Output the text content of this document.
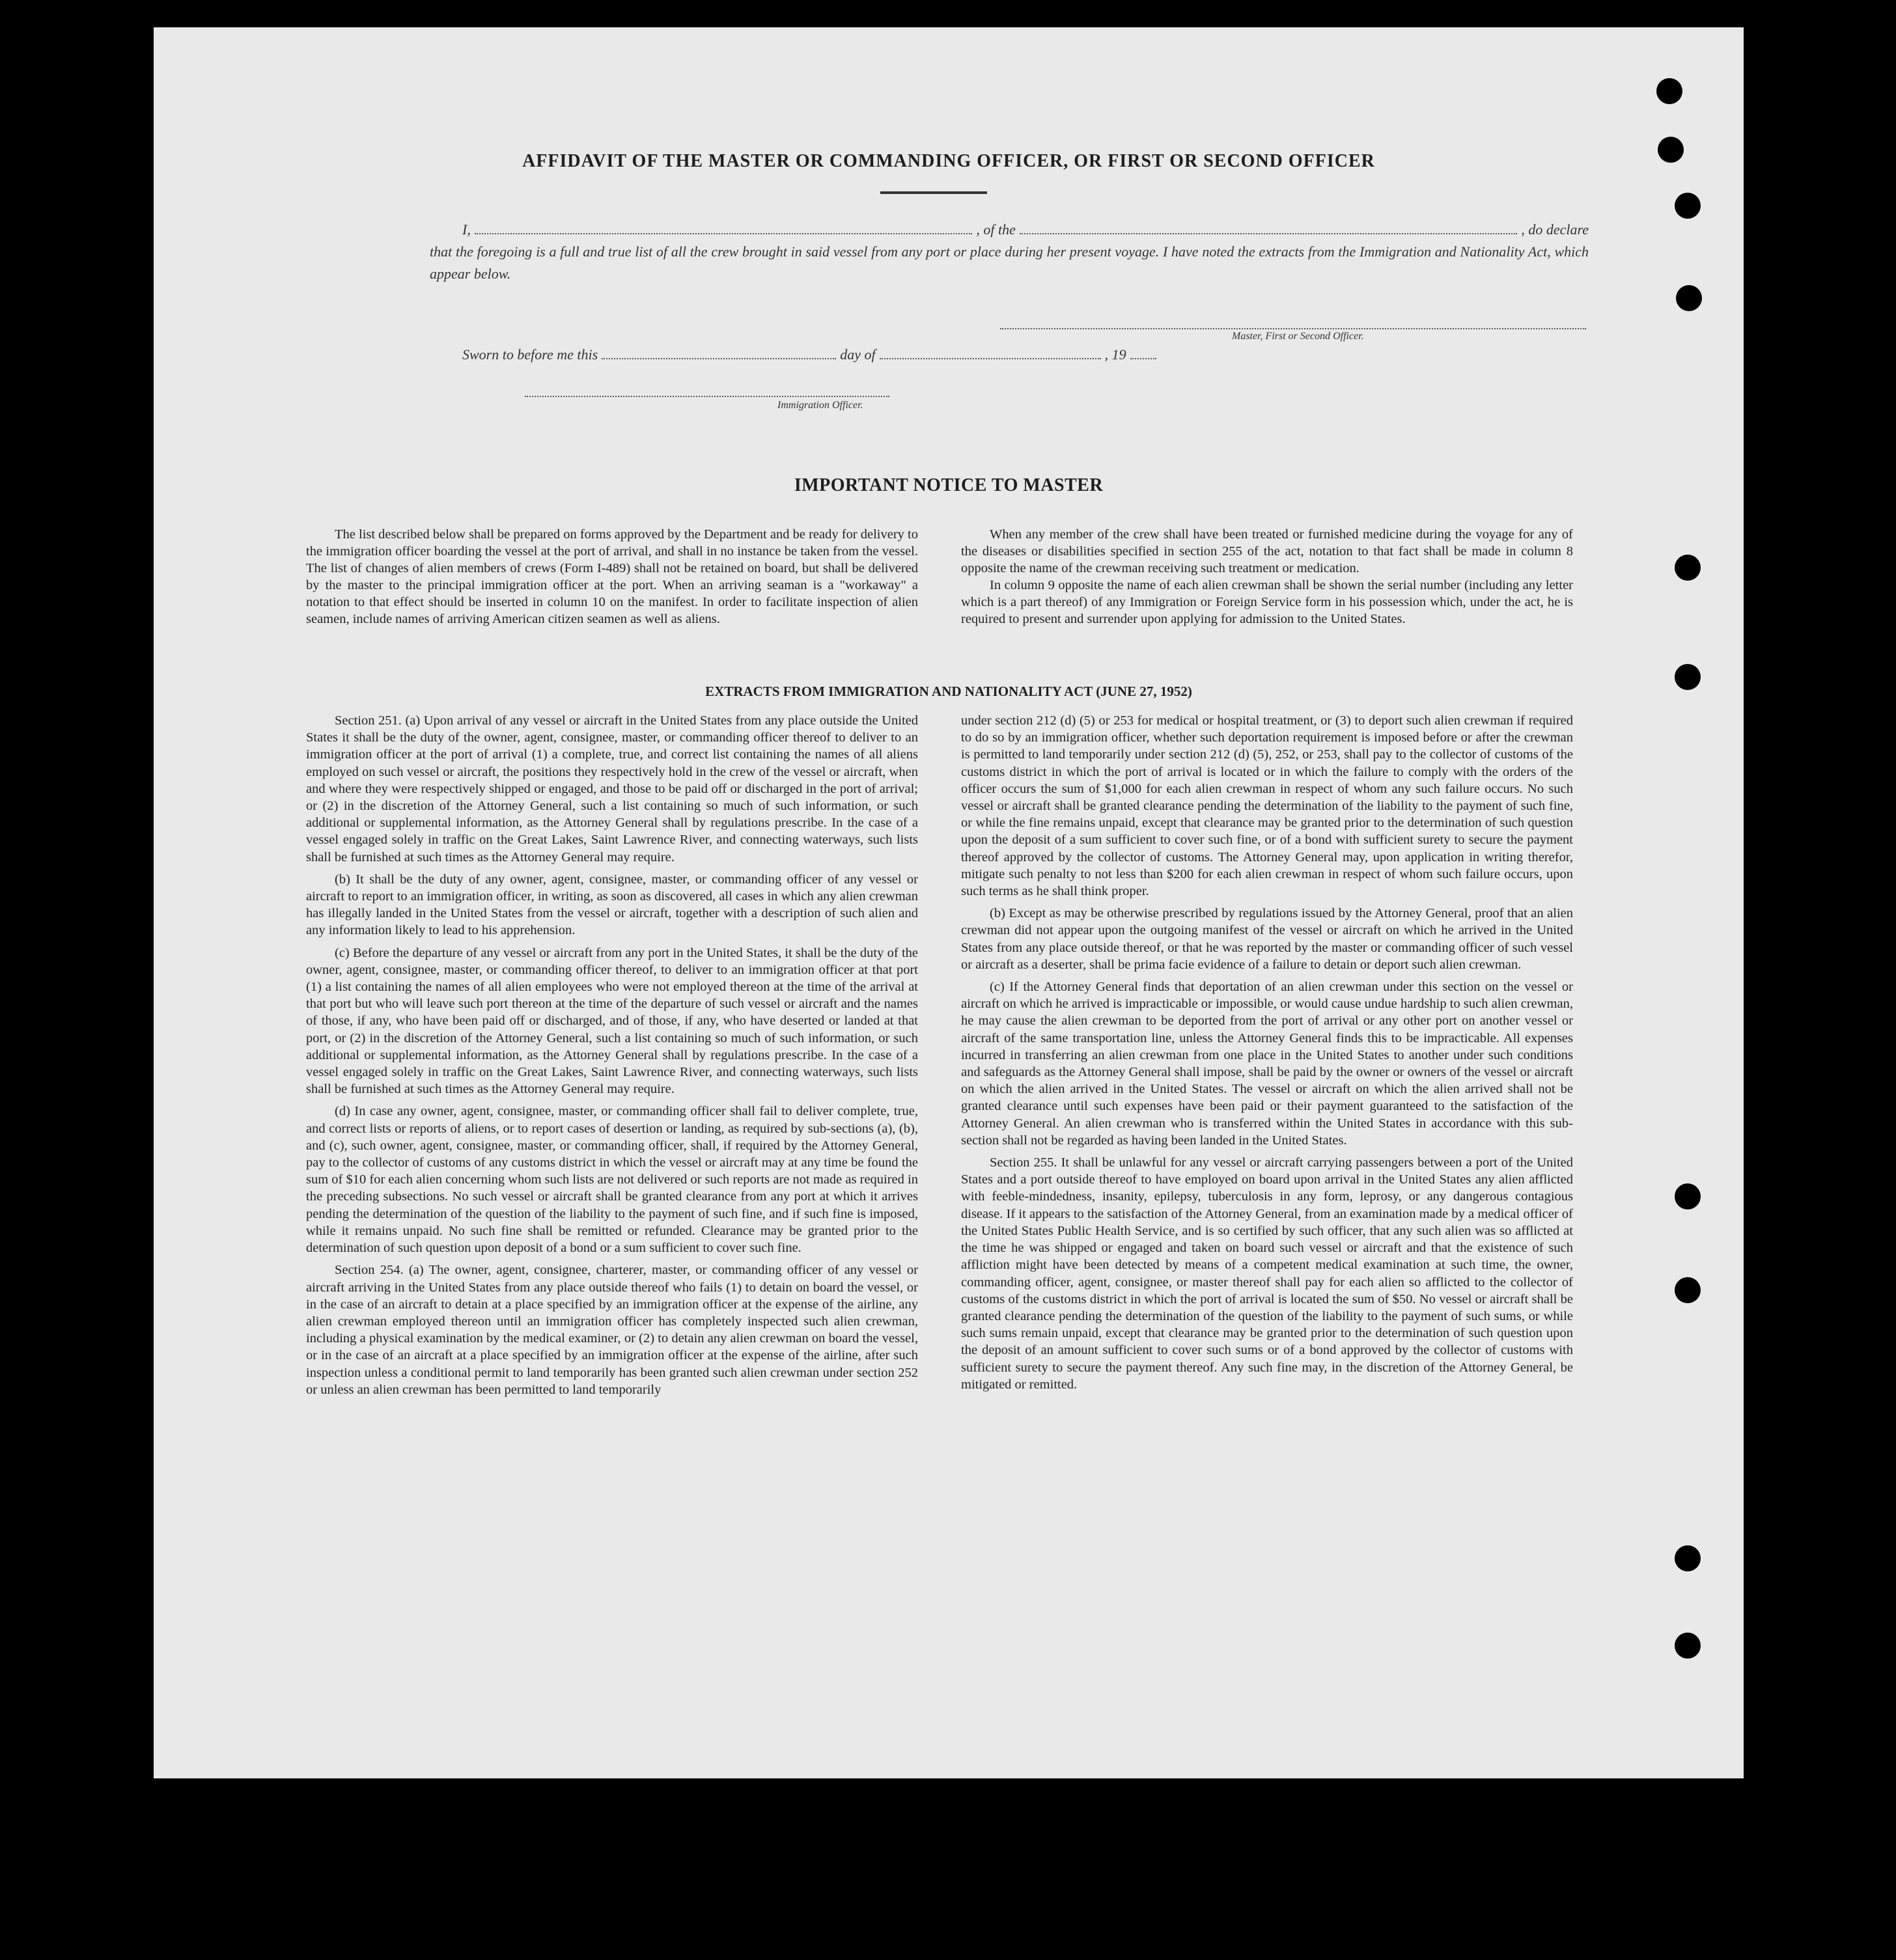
AFFIDAVIT OF THE MASTER OR COMMANDING OFFICER, OR FIRST OR SECOND OFFICER
I,	, of the	, do declare
that the foregoing is a full and true list of all the crew brought in said vessel from any port or place during her present voyage. I have noted the extracts from the Immigration and Nationality Act, which appear below.
Master, First or Second Officer.
Sworn to before me this	day of	, 19
Immigration Officer.
IMPORTANT NOTICE TO MASTER

The list described below shall be prepared on forms approved by the Department and be ready for delivery to the immigration officer boarding the vessel at the port of arrival, and shall in no instance be taken from the vessel. The list of changes of alien members of crews (Form I-489) shall not be retained on board, but shall be delivered by the master to the principal immigration officer at the port. When an arriving seaman is a "workaway" a notation to that effect should be inserted in column 10 on the manifest. In order to facilitate inspection of alien seamen, include names of arriving American citizen seamen as well as aliens.

When any member of the crew shall have been treated or furnished medicine during the voyage for any of the diseases or disabilities specified in section 255 of the act, notation to that fact shall be made in column 8 opposite the name of the crewman receiving such treatment or medication.

In column 9 opposite the name of each alien crewman shall be shown the serial number (including any letter which is a part thereof) of any Immigration or Foreign Service form in his possession which, under the act, he is required to present and surrender upon applying for admission to the United States.

EXTRACTS FROM IMMIGRATION AND NATIONALITY ACT (JUNE 27, 1952)

Section 251. (a) Upon arrival of any vessel or aircraft in the United States from any place outside the United States it shall be the duty of the owner, agent, consignee, master, or commanding officer thereof to deliver to an immigration officer at the port of arrival (1) a complete, true, and correct list containing the names of all aliens employed on such vessel or aircraft, the positions they respectively hold in the crew of the vessel or aircraft, when and where they were respectively shipped or engaged, and those to be paid off or discharged in the port of arrival; or (2) in the discretion of the Attorney General, such a list containing so much of such information, or such additional or supplemental information, as the Attorney General shall by regulations prescribe. In the case of a vessel engaged solely in traffic on the Great Lakes, Saint Lawrence River, and connecting waterways, such lists shall be furnished at such times as the Attorney General may require.

(b) It shall be the duty of any owner, agent, consignee, master, or commanding officer of any vessel or aircraft to report to an immigration officer, in writing, as soon as discovered, all cases in which any alien crewman has illegally landed in the United States from the vessel or aircraft, together with a description of such alien and any information likely to lead to his apprehension.

(c) Before the departure of any vessel or aircraft from any port in the United States, it shall be the duty of the owner, agent, consignee, master, or commanding officer thereof, to deliver to an immigration officer at that port (1) a list containing the names of all alien employees who were not employed thereon at the time of the arrival at that port but who will leave such port thereon at the time of the departure of such vessel or aircraft and the names of those, if any, who have been paid off or discharged, and of those, if any, who have deserted or landed at that port, or (2) in the discretion of the Attorney General, such a list containing so much of such information, or such additional or supplemental information, as the Attorney General shall by regulations prescribe. In the case of a vessel engaged solely in traffic on the Great Lakes, Saint Lawrence River, and connecting waterways, such lists shall be furnished at such times as the Attorney General may require.

(d) In case any owner, agent, consignee, master, or commanding officer shall fail to deliver complete, true, and correct lists or reports of aliens, or to report cases of desertion or landing, as required by sub-sections (a), (b), and (c), such owner, agent, consignee, master, or commanding officer, shall, if required by the Attorney General, pay to the collector of customs of any customs district in which the vessel or aircraft may at any time be found the sum of $10 for each alien concerning whom such lists are not delivered or such reports are not made as required in the preceding subsections. No such vessel or aircraft shall be granted clearance from any port at which it arrives pending the determination of the question of the liability to the payment of such fine, and if such fine is imposed, while it remains unpaid. No such fine shall be remitted or refunded. Clearance may be granted prior to the determination of such question upon deposit of a bond or a sum sufficient to cover such fine.

Section 254. (a) The owner, agent, consignee, charterer, master, or commanding officer of any vessel or aircraft arriving in the United States from any place outside thereof who fails (1) to detain on board the vessel, or in the case of an aircraft to detain at a place specified by an immigration officer at the expense of the airline, any alien crewman employed thereon until an immigration officer has completely inspected such alien crewman, including a physical examination by the medical examiner, or (2) to detain any alien crewman on board the vessel, or in the case of an aircraft at a place specified by an immigration officer at the expense of the airline, after such inspection unless a conditional permit to land temporarily has been granted such alien crewman under section 252 or unless an alien crewman has been permitted to land temporarily

under section 212 (d) (5) or 253 for medical or hospital treatment, or (3) to deport such alien crewman if required to do so by an immigration officer, whether such deportation requirement is imposed before or after the crewman is permitted to land temporarily under section 212 (d) (5), 252, or 253, shall pay to the collector of customs of the customs district in which the port of arrival is located or in which the failure to comply with the orders of the officer occurs the sum of $1,000 for each alien crewman in respect of whom any such failure occurs. No such vessel or aircraft shall be granted clearance pending the determination of the liability to the payment of such fine, or while the fine remains unpaid, except that clearance may be granted prior to the determination of such question upon the deposit of a sum sufficient to cover such fine, or of a bond with sufficient surety to secure the payment thereof approved by the collector of customs. The Attorney General may, upon application in writing therefor, mitigate such penalty to not less than $200 for each alien crewman in respect of whom such failure occurs, upon such terms as he shall think proper.

(b) Except as may be otherwise prescribed by regulations issued by the Attorney General, proof that an alien crewman did not appear upon the outgoing manifest of the vessel or aircraft on which he arrived in the United States from any place outside thereof, or that he was reported by the master or commanding officer of such vessel or aircraft as a deserter, shall be prima facie evidence of a failure to detain or deport such alien crewman.

(c) If the Attorney General finds that deportation of an alien crewman under this section on the vessel or aircraft on which he arrived is impracticable or impossible, or would cause undue hardship to such alien crewman, he may cause the alien crewman to be deported from the port of arrival or any other port on another vessel or aircraft of the same transportation line, unless the Attorney General finds this to be impracticable. All expenses incurred in transferring an alien crewman from one place in the United States to another under such conditions and safeguards as the Attorney General shall impose, shall be paid by the owner or owners of the vessel or aircraft on which the alien arrived in the United States. The vessel or aircraft on which the alien arrived shall not be granted clearance until such expenses have been paid or their payment guaranteed to the satisfaction of the Attorney General. An alien crewman who is transferred within the United States in accordance with this sub-section shall not be regarded as having been landed in the United States.

Section 255. It shall be unlawful for any vessel or aircraft carrying passengers between a port of the United States and a port outside thereof to have employed on board upon arrival in the United States any alien afflicted with feeble-mindedness, insanity, epilepsy, tuberculosis in any form, leprosy, or any dangerous contagious disease. If it appears to the satisfaction of the Attorney General, from an examination made by a medical officer of the United States Public Health Service, and is so certified by such officer, that any such alien was so afflicted at the time he was shipped or engaged and taken on board such vessel or aircraft and that the existence of such affliction might have been detected by means of a competent medical examination at such time, the owner, commanding officer, agent, consignee, or master thereof shall pay for each alien so afflicted to the collector of customs of the customs district in which the port of arrival is located the sum of $50. No vessel or aircraft shall be granted clearance pending the determination of the question of the liability to the payment of such sums, or while such sums remain unpaid, except that clearance may be granted prior to the determination of such question upon the deposit of an amount sufficient to cover such sums or of a bond approved by the collector of customs with sufficient surety to secure the payment thereof. Any such fine may, in the discretion of the Attorney General, be mitigated or remitted.
